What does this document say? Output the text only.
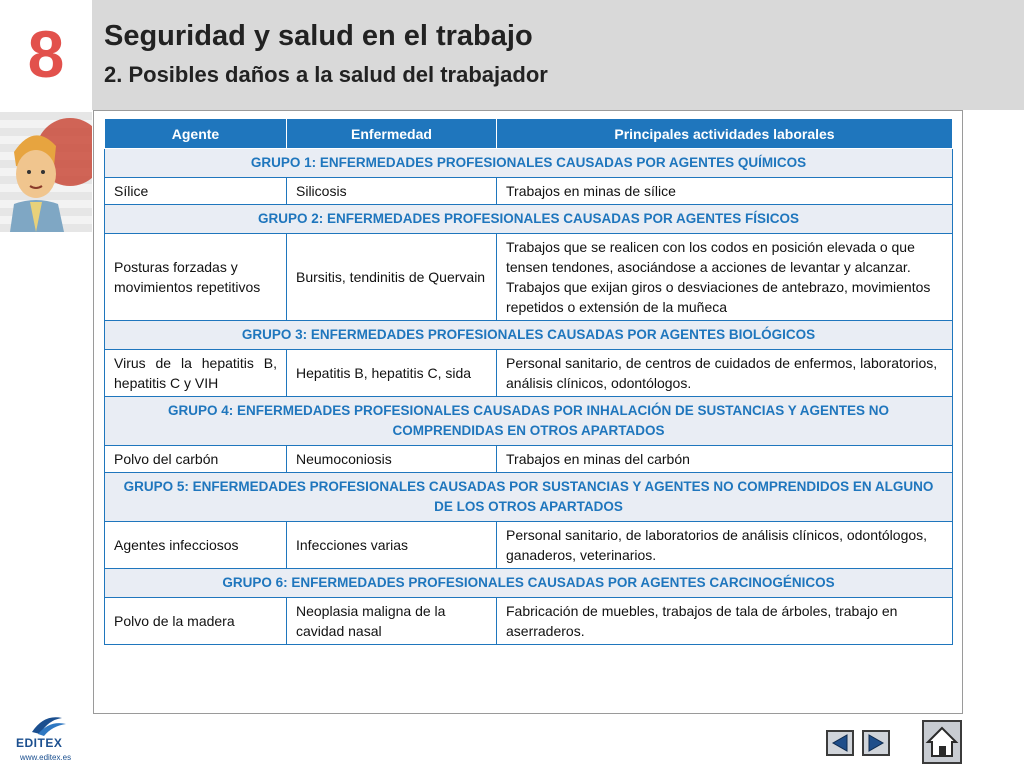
8	Seguridad y salud en el trabajo
2. Posibles daños a la salud del trabajador
Agente	Enfermedad	Principales actividades laborales
GRUPO 1: ENFERMEDADES PROFESIONALES CAUSADAS POR AGENTES QUÍMICOS		
Sílice	Silicosis	Trabajos en minas de sílice
GRUPO 2: ENFERMEDADES PROFESIONALES CAUSADAS POR AGENTES FÍSICOS		
Posturas forzadas y movimientos repetitivos	Bursitis, tendinitis de Quervain	Trabajos que se realicen con los codos en posición elevada o que tensen tendones, asociándose a acciones de levantar y alcanzar.
Trabajos que exijan giros o desviaciones de antebrazo, movimientos repetidos o extensión de la muñeca
GRUPO 3: ENFERMEDADES PROFESIONALES CAUSADAS POR AGENTES BIOLÓGICOS		
Virus de la hepatitis B, hepatitis C y VIH	Hepatitis B, hepatitis C, sida	Personal sanitario, de centros de cuidados de enfermos, laboratorios, análisis clínicos, odontólogos.
GRUPO 4: ENFERMEDADES PROFESIONALES CAUSADAS POR INHALACIÓN DE SUSTANCIAS Y AGENTES NO COMPRENDIDAS EN OTROS APARTADOS		
Polvo del carbón	Neumoconiosis	Trabajos en minas del carbón
GRUPO 5: ENFERMEDADES PROFESIONALES CAUSADAS POR SUSTANCIAS Y AGENTES NO COMPRENDIDOS EN ALGUNO DE LOS OTROS APARTADOS		
Agentes infecciosos	Infecciones varias	Personal sanitario, de laboratorios de análisis clínicos, odontólogos, ganaderos, veterinarios.
GRUPO 6: ENFERMEDADES PROFESIONALES CAUSADAS POR AGENTES CARCINOGÉNICOS		
Polvo de la madera	Neoplasia maligna de la cavidad nasal	Fabricación de muebles, trabajos de tala de árboles, trabajo en aserraderos.
EDITEX
www.editex.es
